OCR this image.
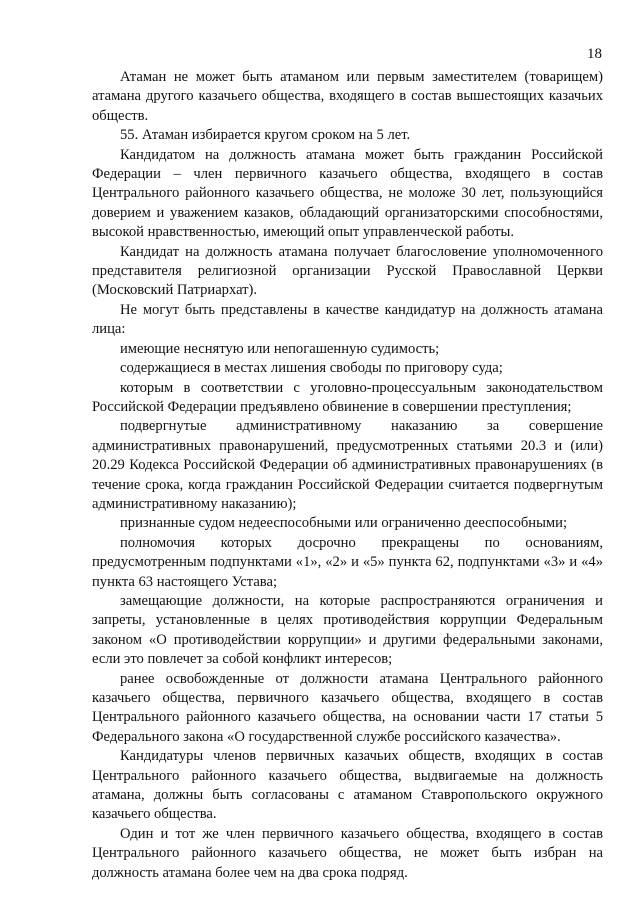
18

Атаман не может быть атаманом или первым заместителем (товарищем) атамана другого казачьего общества, входящего в состав вышестоящих казачьих обществ.

55. Атаман избирается кругом сроком на 5 лет.

Кандидатом на должность атамана может быть гражданин Российской Федерации – член первичного казачьего общества, входящего в состав Центрального районного казачьего общества, не моложе 30 лет, пользующийся доверием и уважением казаков, обладающий организаторскими способностями, высокой нравственностью, имеющий опыт управленческой работы.

Кандидат на должность атамана получает благословение уполномоченного представителя религиозной организации Русской Православной Церкви (Московский Патриархат).

Не могут быть представлены в качестве кандидатур на должность атамана лица:

имеющие неснятую или непогашенную судимость;

содержащиеся в местах лишения свободы по приговору суда;

которым в соответствии с уголовно-процессуальным законодательством Российской Федерации предъявлено обвинение в совершении преступления;

подвергнутые административному наказанию за совершение административных правонарушений, предусмотренных статьями 20.3 и (или) 20.29 Кодекса Российской Федерации об административных правонарушениях (в течение срока, когда гражданин Российской Федерации считается подвергнутым административному наказанию);

признанные судом недееспособными или ограниченно дееспособными;

полномочия которых досрочно прекращены по основаниям, предусмотренным подпунктами «1», «2» и «5» пункта 62, подпунктами «3» и «4» пункта 63 настоящего Устава;

замещающие должности, на которые распространяются ограничения и запреты, установленные в целях противодействия коррупции Федеральным законом «О противодействии коррупции» и другими федеральными законами, если это повлечет за собой конфликт интересов;

ранее освобожденные от должности атамана Центрального районного казачьего общества, первичного казачьего общества, входящего в состав Центрального районного казачьего общества, на основании части 17 статьи 5 Федерального закона «О государственной службе российского казачества».

Кандидатуры членов первичных казачьих обществ, входящих в состав Центрального районного казачьего общества, выдвигаемые на должность атамана, должны быть согласованы с атаманом Ставропольского окружного казачьего общества.

Один и тот же член первичного казачьего общества, входящего в состав Центрального районного казачьего общества, не может быть избран на должность атамана более чем на два срока подряд.
